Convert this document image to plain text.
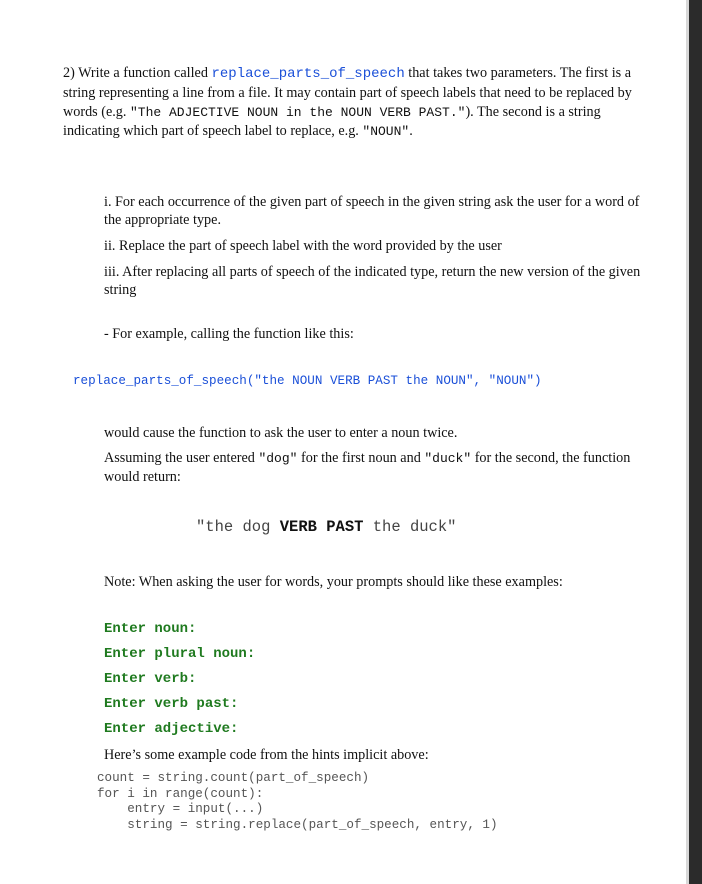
2) Write a function called replace_parts_of_speech that takes two parameters. The first is a string representing a line from a file. It may contain part of speech labels that need to be replaced by words (e.g. "The ADJECTIVE NOUN in the NOUN VERB PAST."). The second is a string indicating which part of speech label to replace, e.g. "NOUN".
i. For each occurrence of the given part of speech in the given string ask the user for a word of the appropriate type.
ii. Replace the part of speech label with the word provided by the user
iii. After replacing all parts of speech of the indicated type, return the new version of the given string
- For example, calling the function like this:
replace_parts_of_speech("the NOUN VERB PAST the NOUN", "NOUN")
would cause the function to ask the user to enter a noun twice.
Assuming the user entered "dog" for the first noun and "duck" for the second, the function would return:
"the dog VERB PAST the duck"
Note: When asking the user for words, your prompts should like these examples:
Enter noun:
Enter plural noun:
Enter verb:
Enter verb past:
Enter adjective:
Here’s some example code from the hints implicit above:
count = string.count(part_of_speech)
for i in range(count):
entry = input(...)
string = string.replace(part_of_speech, entry, 1)
